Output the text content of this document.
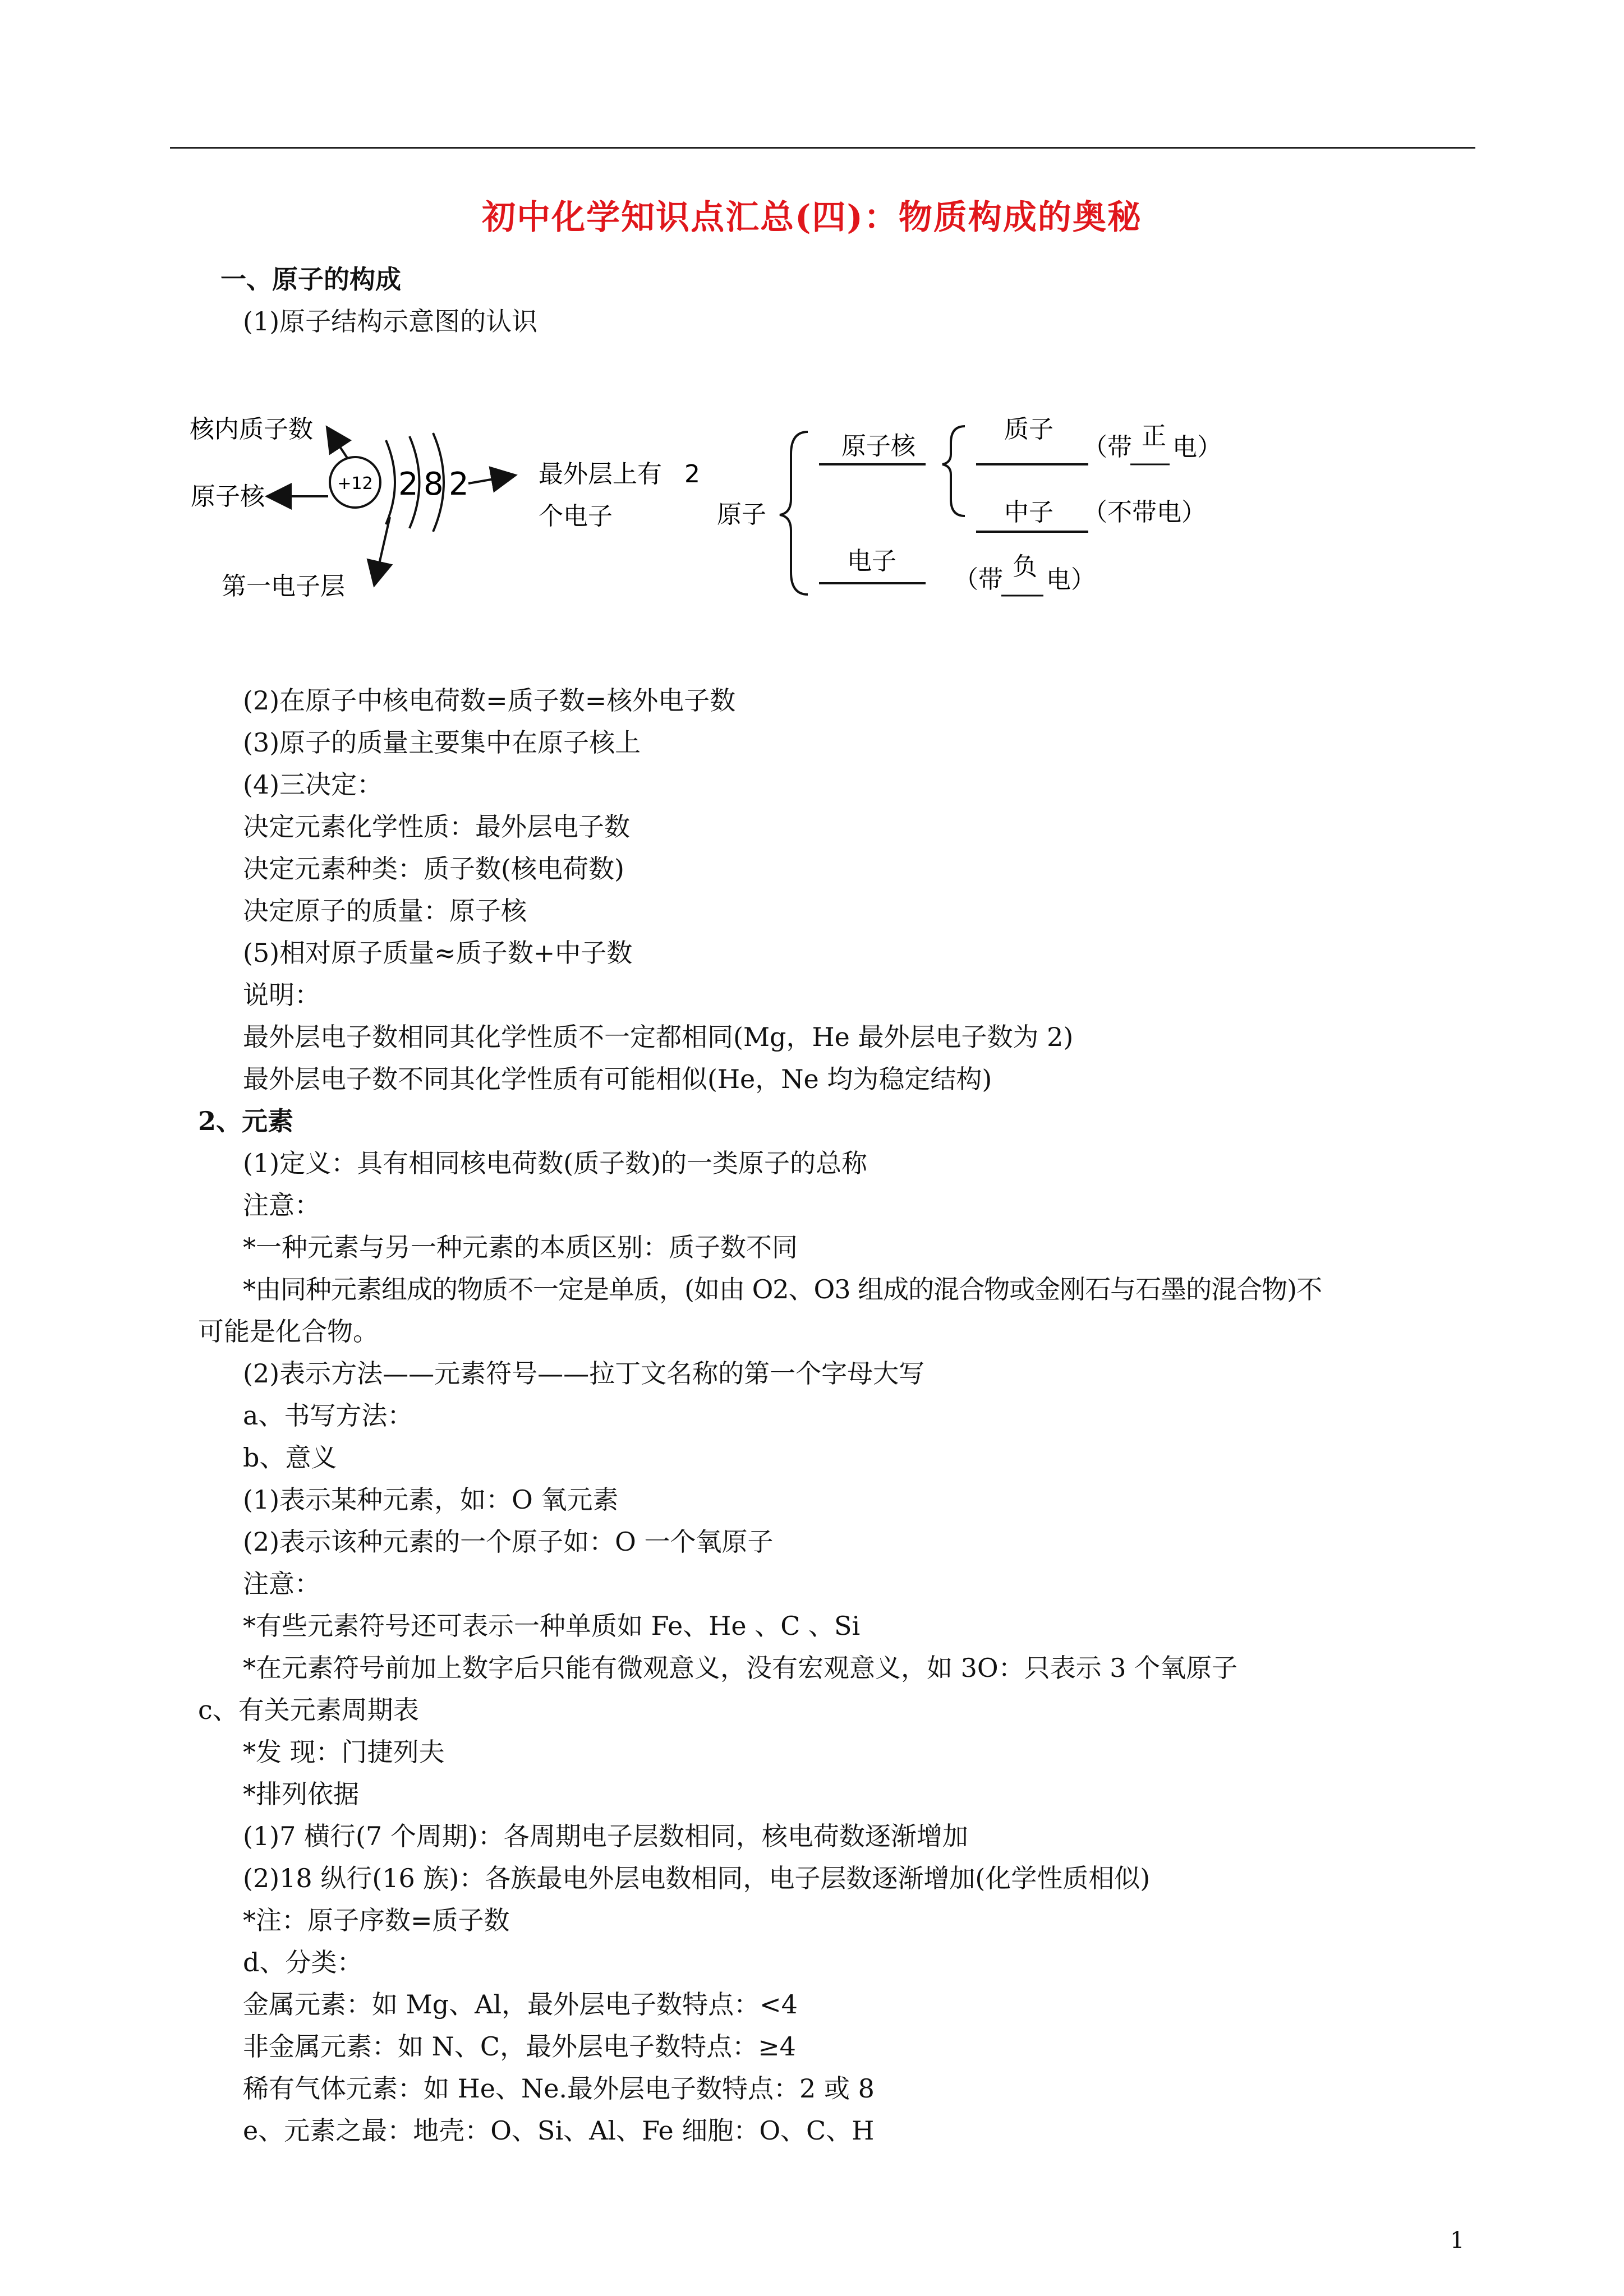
初中化学知识点汇总(四)：物质构成的奥秘
一、原子的构成
(1)原子结构示意图的认识
核内质子数
原子核
第一电子层
+12 2 8 2	最外层上有 2
个电子	原子
原子核
质子
（带 正 电）
中子 （不带电）
电子
（带 负 电）
(2)在原子中核电荷数=质子数=核外电子数
(3)原子的质量主要集中在原子核上
(4)三决定：
决定元素化学性质：最外层电子数
决定元素种类：质子数(核电荷数)
决定原子的质量：原子核
(5)相对原子质量≈质子数+中子数
说明：
最外层电子数相同其化学性质不一定都相同(Mg，He 最外层电子数为 2)
最外层电子数不同其化学性质有可能相似(He，Ne 均为稳定结构)
2、元素
(1)定义：具有相同核电荷数(质子数)的一类原子的总称
注意：
*一种元素与另一种元素的本质区别：质子数不同
*由同种元素组成的物质不一定是单质，(如由 O2、O3 组成的混合物或金刚石与石墨的混合物)不
可能是化合物。
(2)表示方法——元素符号——拉丁文名称的第一个字母大写
a、书写方法：
b、意义
(1)表示某种元素，如：O 氧元素
(2)表示该种元素的一个原子如：O 一个氧原子
注意：
*有些元素符号还可表示一种单质如 Fe、He 、C 、Si
*在元素符号前加上数字后只能有微观意义，没有宏观意义，如 3O：只表示 3 个氧原子
c、有关元素周期表
*发 现：门捷列夫
*排列依据
(1)7 横行(7 个周期)：各周期电子层数相同，核电荷数逐渐增加
(2)18 纵行(16 族)：各族最电外层电数相同，电子层数逐渐增加(化学性质相似)
*注：原子序数=质子数
d、分类：
金属元素：如 Mg、Al，最外层电子数特点：<4
非金属元素：如 N、C，最外层电子数特点：≥4
稀有气体元素：如 He、Ne.最外层电子数特点：2 或 8
e、元素之最：地壳：O、Si、Al、Fe 细胞：O、C、H
1
